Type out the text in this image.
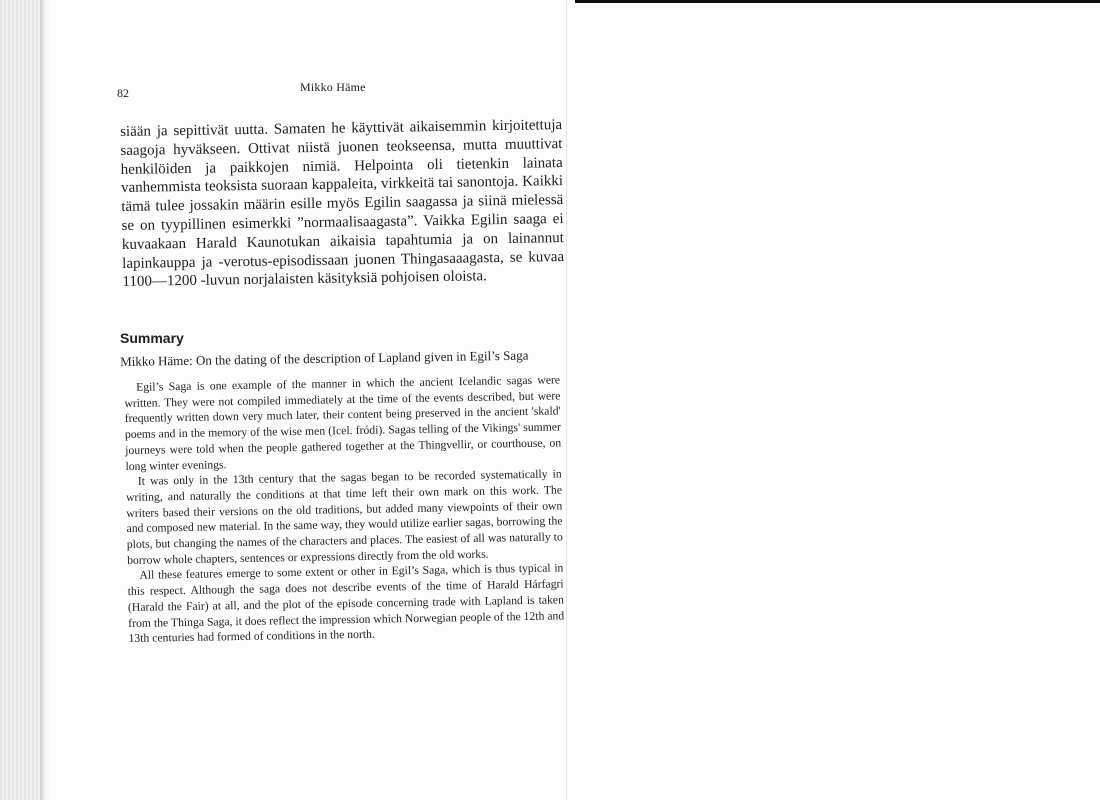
82	Mikko Häme

siään ja sepittivät uutta. Samaten he käyttivät aikaisemmin kirjoitettuja saagoja hyväkseen. Ottivat niistä juonen teokseensa, mutta muuttivat henkilöiden ja paikkojen nimiä. Helpointa oli tietenkin lainata vanhemmista teoksista suoraan kappaleita, virkkeitä tai sanontoja. Kaikki tämä tulee jossakin määrin esille myös Egilin saagassa ja siinä mielessä se on tyypillinen esimerkki ”normaalisaagasta”. Vaikka Egilin saaga ei kuvaakaan Harald Kaunotukan aikaisia tapahtumia ja on lainannut lapinkauppa ja -verotus-episodissaan juonen Thingasaaagasta, se kuvaa 1100—1200 -luvun norjalaisten käsityksiä pohjoisen oloista.

Summary

Mikko Häme: On the dating of the description of Lapland given in Egil’s Saga

Egil’s Saga is one example of the manner in which the ancient Icelandic sagas were written. They were not compiled immediately at the time of the events described, but were frequently written down very much later, their content being preserved in the ancient 'skald' poems and in the memory of the wise men (Icel. fródi). Sagas telling of the Vikings' summer journeys were told when the people gathered together at the Thingvellir, or courthouse, on long winter evenings.

It was only in the 13th century that the sagas began to be recorded systematically in writing, and naturally the conditions at that time left their own mark on this work. The writers based their versions on the old traditions, but added many viewpoints of their own and composed new material. In the same way, they would utilize earlier sagas, borrowing the plots, but changing the names of the characters and places. The easiest of all was naturally to borrow whole chapters, sentences or expressions directly from the old works.

All these features emerge to some extent or other in Egil’s Saga, which is thus typical in this respect. Although the saga does not describe events of the time of Harald Hárfagri (Harald the Fair) at all, and the plot of the episode concerning trade with Lapland is taken from the Thinga Saga, it does reflect the impression which Norwegian people of the 12th and 13th centuries had formed of conditions in the north.
